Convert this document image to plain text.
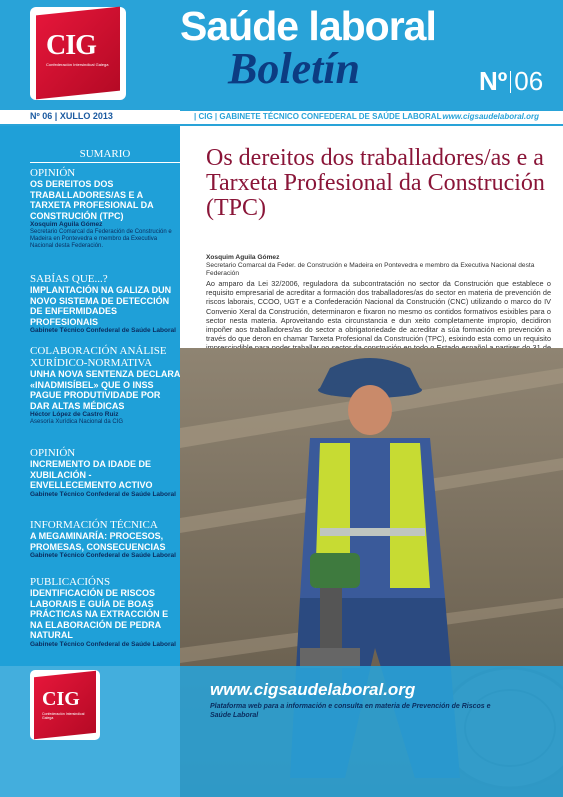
CIG
Confederación Intersindical Galega
Saúde laboral
Boletín	Nº 06
Nº 06 | XULLO 2013	| CIG | GABINETE TÉCNICO CONFEDERAL DE SAÚDE LABORAL www.cigsaudelaboral.org
SUMARIO
OPINIÓN
OS DEREITOS DOS TRABALLADORES/AS E A TARXETA PROFESIONAL DA CONSTRUCIÓN (TPC)
Xosquim Aguila Gómez
Secretario Comarcal da Federación de Construción e Madeira en Pontevedra e membro da Executiva Nacional desta Federación.
SABÍAS QUE...?
IMPLANTACIÓN NA GALIZA DUN NOVO SISTEMA DE DETECCIÓN DE ENFERMIDADES PROFESIONAIS
Gabinete Técnico Confederal de Saúde Laboral
COLABORACIÓN ANÁLISE XURÍDICO-NORMATIVA
UNHA NOVA SENTENZA DECLARA «INADMISÍBEL» QUE O INSS PAGUE PRODUTIVIDADE POR DAR ALTAS MÉDICAS
Héctor López de Castro Ruiz
Asesoría Xurídica Nacional da CIG
OPINIÓN
INCREMENTO DA IDADE DE XUBILACIÓN - ENVELLECEMENTO ACTIVO
Gabinete Técnico Confederal de Saúde Laboral
INFORMACIÓN TÉCNICA
A MEGAMINARÍA: PROCESOS, PROMESAS, CONSECUENCIAS
Gabinete Técnico Confederal de Saúde Laboral
PUBLICACIÓNS
IDENTIFICACIÓN DE RISCOS LABORAIS E GUÍA DE BOAS PRÁCTICAS NA EXTRACCIÓN E NA ELABORACIÓN DE PEDRA NATURAL
Gabinete Técnico Confederal de Saúde Laboral
Os dereitos dos traballadores/as e a Tarxeta Profesional da Construción (TPC)
Xosquim Aguila Gómez
Secretario Comarcal da Feder. de Construción e Madeira en Pontevedra e membro da Executiva Nacional desta Federación
Ao amparo da Lei 32/2006, reguladora da subcontratación no sector da Construción que establece o requisito empresarial de acreditar a formación dos traballadores/as do sector en materia de prevención de riscos laborais, CCOO, UGT e a Confederación Nacional da Construción (CNC) utilizando o marco do IV Convenio Xeral da Construción, determinaron e fixaron no mesmo os contidos formativos esixibles para o sector nesta materia. Aproveitando esta circunstancia e dun xeito completamente impropio, decidiron impoñer aos traballadores/as do sector a obrigatoriedade de acreditar a súa formación en prevención a través do que deron en chamar Tarxeta Profesional da Construción (TPC), esixindo esta como un requisito
CIG
Confederación Intersindical Galega
www.cigsaudelaboral.org
Plataforma web para a información e consulta en materia de Prevención de Riscos e Saúde Laboral
